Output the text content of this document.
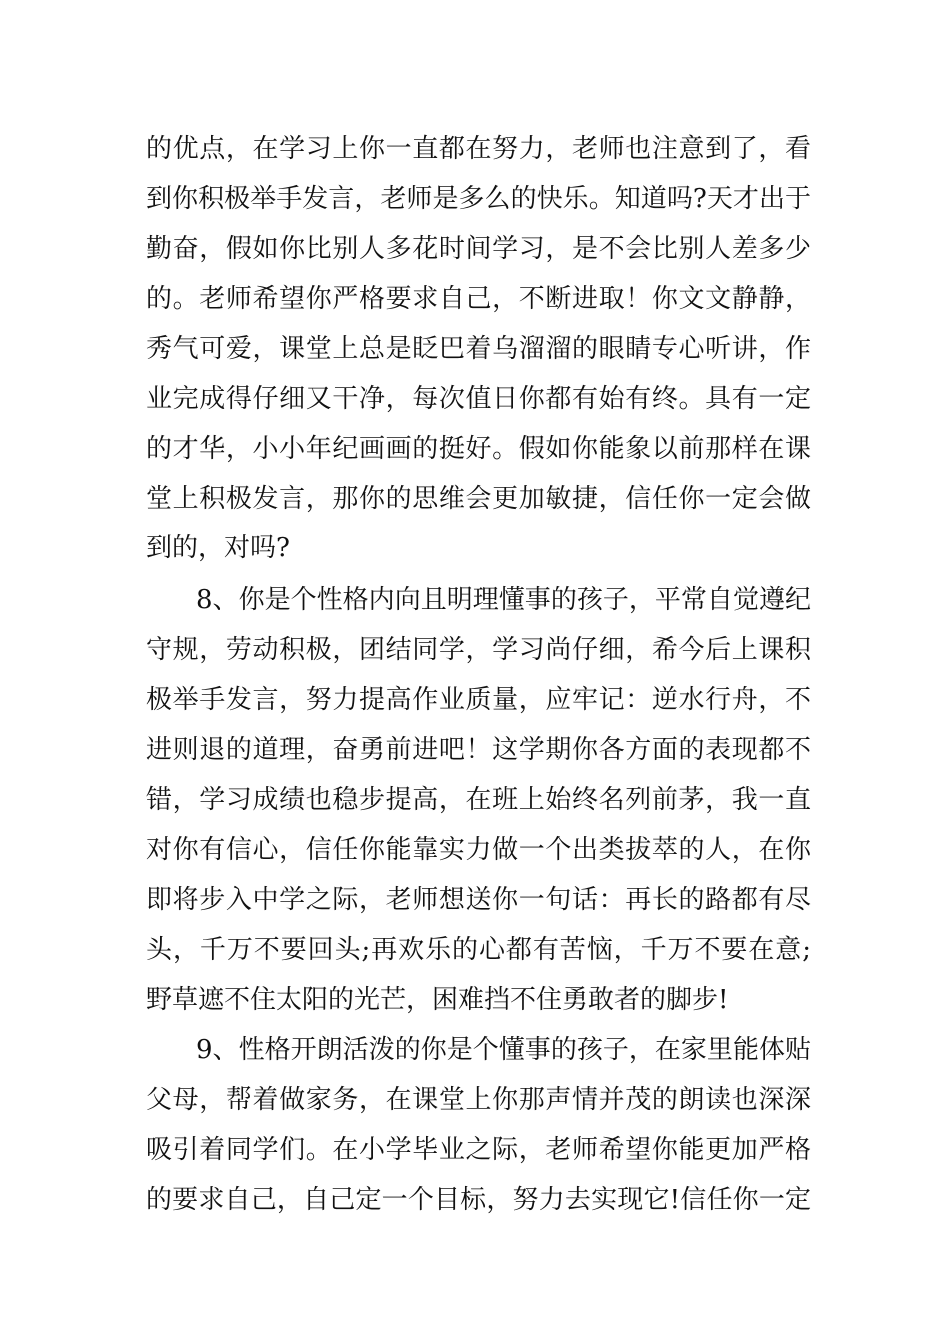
的优点，在学习上你一直都在努力，老师也注意到了，看
到你积极举手发言，老师是多么的快乐。知道吗?天才出于
勤奋，假如你比别人多花时间学习，是不会比别人差多少
的。老师希望你严格要求自己，不断进取！你文文静静，
秀气可爱，课堂上总是眨巴着乌溜溜的眼睛专心听讲，作
业完成得仔细又干净，每次值日你都有始有终。具有一定
的才华，小小年纪画画的挺好。假如你能象以前那样在课
堂上积极发言，那你的思维会更加敏捷，信任你一定会做
到的，对吗?
8、你是个性格内向且明理懂事的孩子，平常自觉遵纪
守规，劳动积极，团结同学，学习尚仔细，希今后上课积
极举手发言，努力提高作业质量，应牢记：逆水行舟，不
进则退的道理，奋勇前进吧！这学期你各方面的表现都不
错，学习成绩也稳步提高，在班上始终名列前茅，我一直
对你有信心，信任你能靠实力做一个出类拔萃的人，在你
即将步入中学之际，老师想送你一句话：再长的路都有尽
头，千万不要回头;再欢乐的心都有苦恼，千万不要在意;
野草遮不住太阳的光芒，困难挡不住勇敢者的脚步!
9、性格开朗活泼的你是个懂事的孩子，在家里能体贴
父母，帮着做家务，在课堂上你那声情并茂的朗读也深深
吸引着同学们。在小学毕业之际，老师希望你能更加严格
的要求自己，自己定一个目标，努力去实现它!信任你一定
